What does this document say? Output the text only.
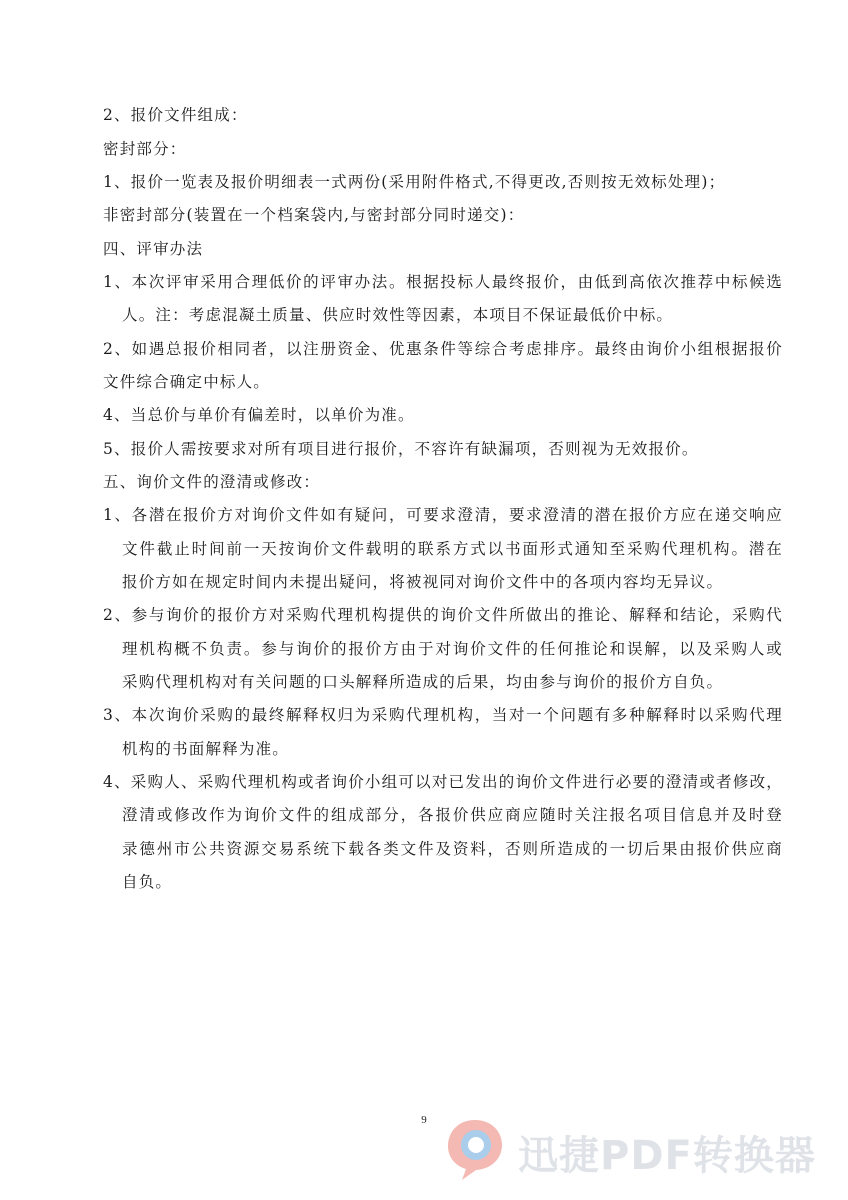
2、报价文件组成：
密封部分：
1、报价一览表及报价明细表一式两份(采用附件格式,不得更改,否则按无效标处理)；
非密封部分(装置在一个档案袋内,与密封部分同时递交)：
四、评审办法
1、本次评审采用合理低价的评审办法。根据投标人最终报价，由低到高依次推荐中标候选
人。注：考虑混凝土质量、供应时效性等因素，本项目不保证最低价中标。
2、如遇总报价相同者，以注册资金、优惠条件等综合考虑排序。最终由询价小组根据报价
文件综合确定中标人。
4、当总价与单价有偏差时，以单价为准。
5、报价人需按要求对所有项目进行报价，不容许有缺漏项，否则视为无效报价。
五、询价文件的澄清或修改：
1、各潜在报价方对询价文件如有疑问，可要求澄清，要求澄清的潜在报价方应在递交响应
文件截止时间前一天按询价文件载明的联系方式以书面形式通知至采购代理机构。潜在
报价方如在规定时间内未提出疑问，将被视同对询价文件中的各项内容均无异议。
2、参与询价的报价方对采购代理机构提供的询价文件所做出的推论、解释和结论，采购代
理机构概不负责。参与询价的报价方由于对询价文件的任何推论和误解，以及采购人或
采购代理机构对有关问题的口头解释所造成的后果，均由参与询价的报价方自负。
3、本次询价采购的最终解释权归为采购代理机构，当对一个问题有多种解释时以采购代理
机构的书面解释为准。
4、采购人、采购代理机构或者询价小组可以对已发出的询价文件进行必要的澄清或者修改，
澄清或修改作为询价文件的组成部分，各报价供应商应随时关注报名项目信息并及时登
录德州市公共资源交易系统下载各类文件及资料，否则所造成的一切后果由报价供应商
自负。
9
迅捷PDF转换器
